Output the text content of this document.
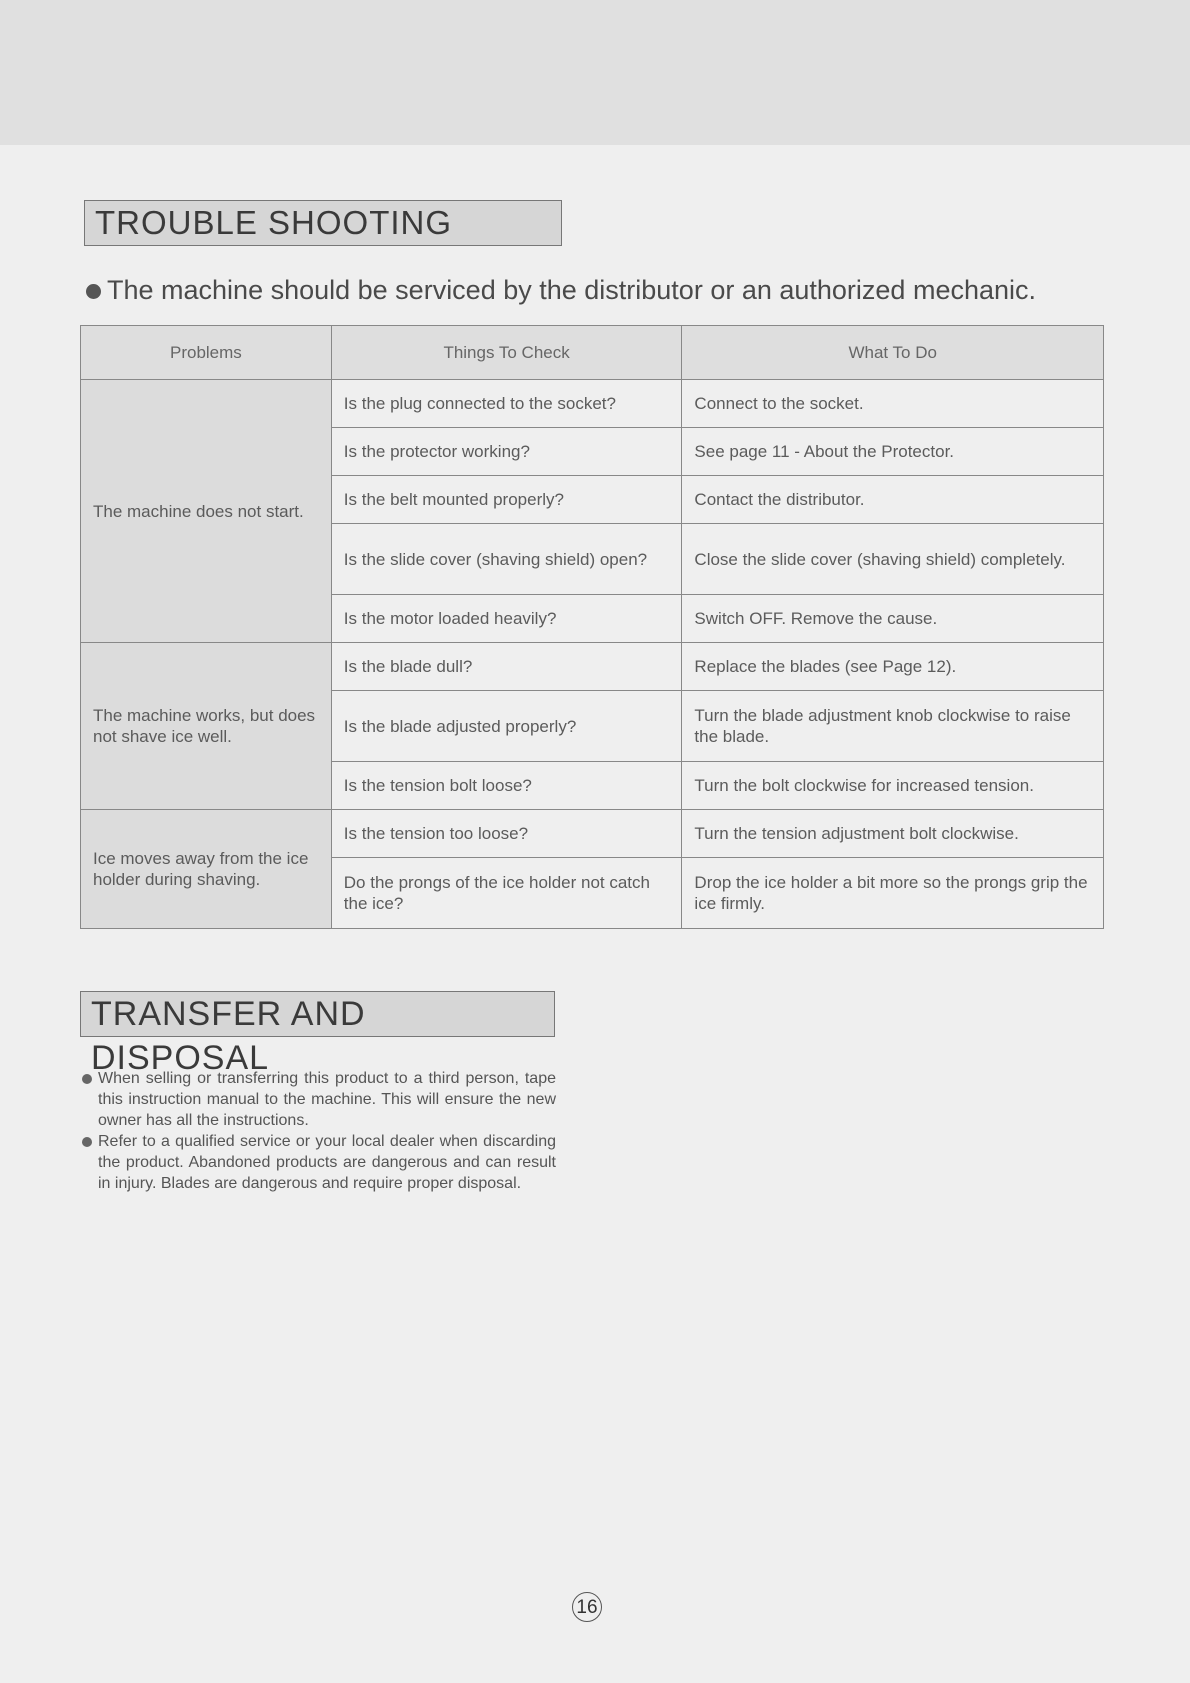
TROUBLE SHOOTING
The machine should be serviced by the distributor or an authorized mechanic.
Problems	Things To Check	What To Do
The machine does not start.	Is the plug connected to the socket?	Connect to the socket.
	Is the protector working?	See page 11 - About the Protector.
	Is the belt mounted properly?	Contact the distributor.
	Is the slide cover (shaving shield) open?	Close the slide cover (shaving shield) completely.
	Is the motor loaded heavily?	Switch OFF. Remove the cause.
The machine works, but does not shave ice well.	Is the blade dull?	Replace the blades (see Page 12).
	Is the blade adjusted properly?	Turn the blade adjustment knob clockwise to raise the blade.
	Is the tension bolt loose?	Turn the bolt clockwise for increased tension.
Ice moves away from the ice holder during shaving.	Is the tension too loose?	Turn the tension adjustment bolt clockwise.
	Do the prongs of the ice holder not catch the ice?	Drop the ice holder a bit more so the prongs grip the ice firmly.
TRANSFER AND DISPOSAL

When selling or transferring this product to a third person, tape this instruction manual to the machine. This will ensure the new owner has all the instructions.

Refer to a qualified service or your local dealer when discarding the product. Abandoned products are dangerous and can result in injury. Blades are dangerous and require proper disposal.

16
